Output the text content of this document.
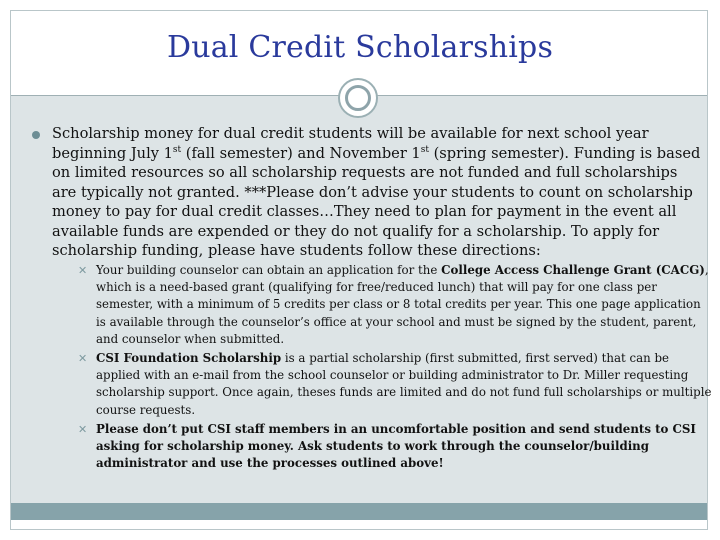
Dual Credit Scholarships

Scholarship money for dual credit students will be available for next school year beginning July 1st (fall semester) and November 1st (spring semester). Funding is based on limited resources so all scholarship requests are not funded and full scholarships are typically not granted. ***Please don’t advise your students to count on scholarship money to pay for dual credit classes…They need to plan for payment in the event all available funds are expended or they do not qualify for a scholarship. To apply for scholarship funding, please have students follow these directions:

✕ Your building counselor can obtain an application for the College Access Challenge Grant (CACG), which is a need-based grant (qualifying for free/reduced lunch) that will pay for one class per semester, with a minimum of 5 credits per class or 8 total credits per year. This one page application is available through the counselor’s office at your school and must be signed by the student, parent, and counselor when submitted.
✕ CSI Foundation Scholarship is a partial scholarship (first submitted, first served) that can be applied with an e-mail from the school counselor or building administrator to Dr. Miller requesting scholarship support. Once again, theses funds are limited and do not fund full scholarships or multiple course requests.
✕ Please don’t put CSI staff members in an uncomfortable position and send students to CSI asking for scholarship money. Ask students to work through the counselor/building administrator and use the processes outlined above!
